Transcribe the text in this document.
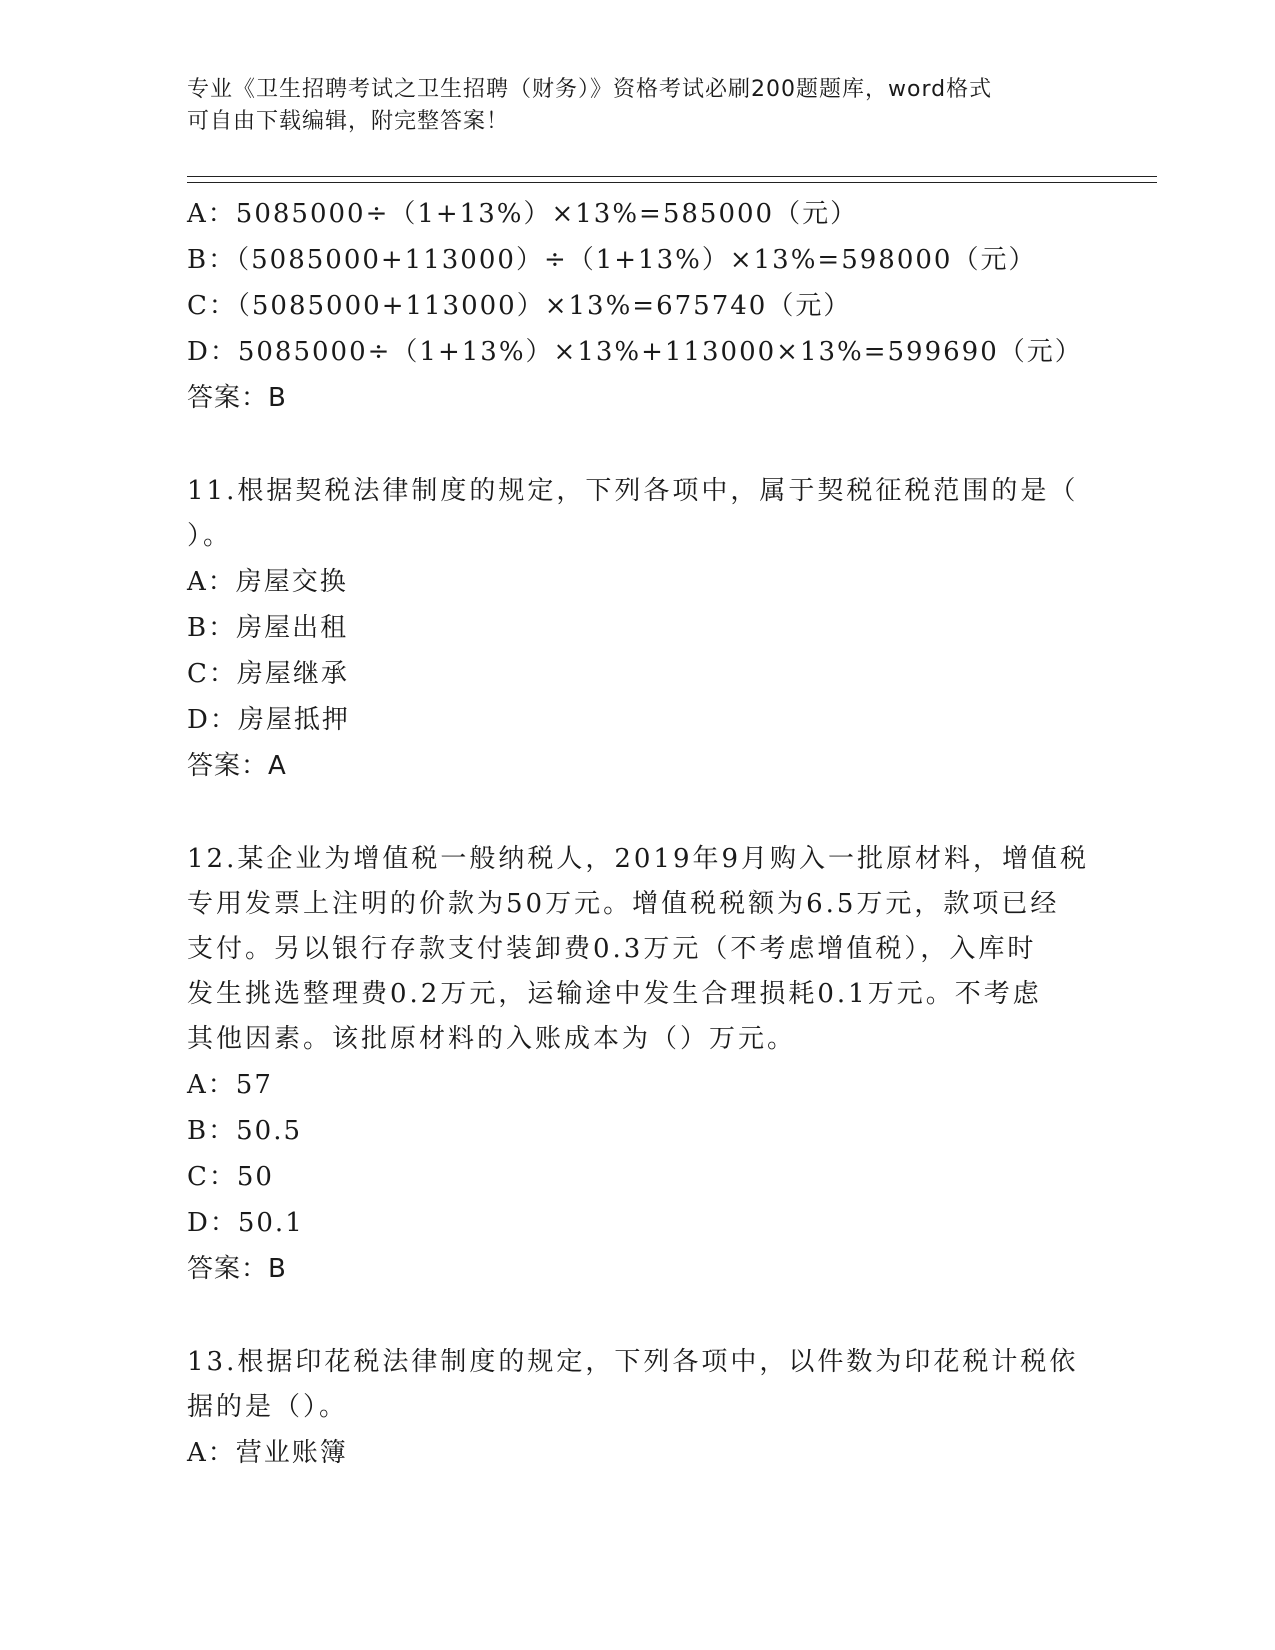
专业《卫生招聘考试之卫生招聘（财务）》资格考试必刷200题题库，word格式
可自由下载编辑，附完整答案！
A：5085000÷（1+13%）×13%=585000（元）
B：（5085000+113000）÷（1+13%）×13%=598000（元）
C：（5085000+113000）×13%=675740（元）
D：5085000÷（1+13%）×13%+113000×13%=599690（元）
答案：B
11.根据契税法律制度的规定，下列各项中，属于契税征税范围的是（
）。
A：房屋交换
B：房屋出租
C：房屋继承
D：房屋抵押
答案：A
12.某企业为增值税一般纳税人，2019年9月购入一批原材料，增值税
专用发票上注明的价款为50万元。增值税税额为6.5万元，款项已经
支付。另以银行存款支付装卸费0.3万元（不考虑增值税），入库时
发生挑选整理费0.2万元，运输途中发生合理损耗0.1万元。不考虑
其他因素。该批原材料的入账成本为（）万元。
A：57
B：50.5
C：50
D：50.1
答案：B
13.根据印花税法律制度的规定，下列各项中，以件数为印花税计税依
据的是（）。
A：营业账簿
